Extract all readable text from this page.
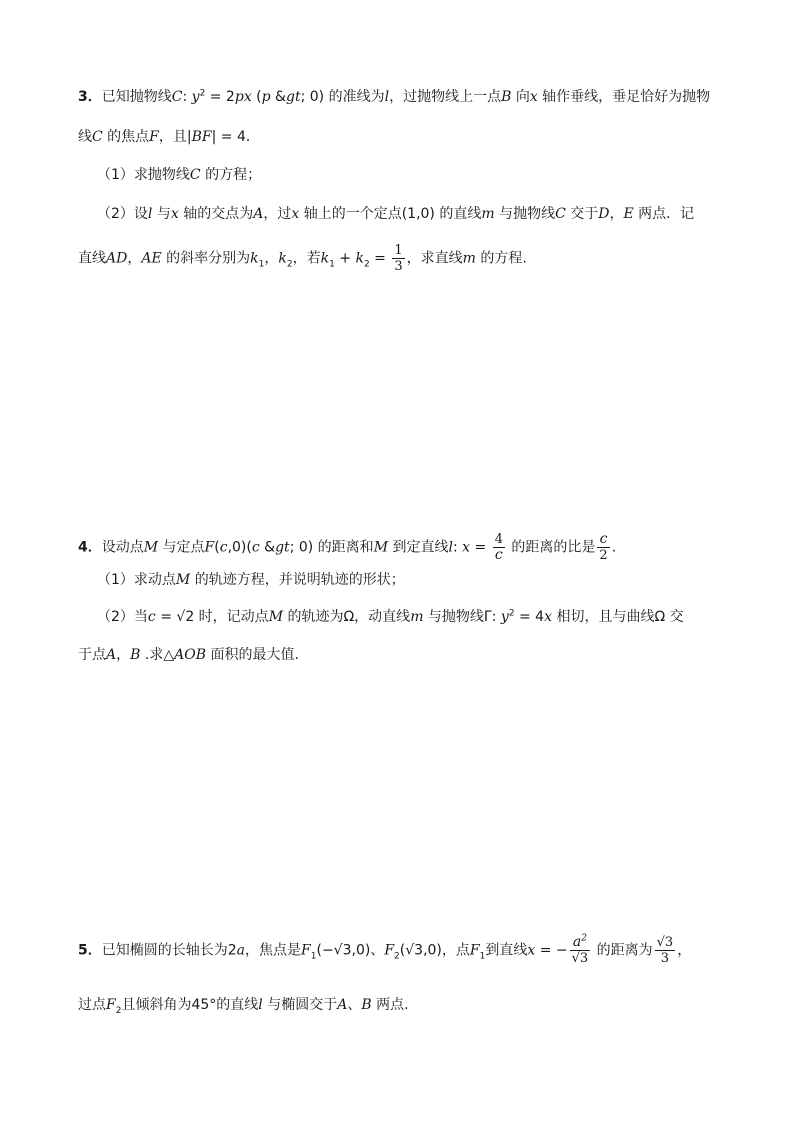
3．已知抛物线C: $y^2 = 2px$ (p &gt; 0) 的准线为l，过抛物线上一点B 向x 轴作垂线，垂足恰好为抛物
线C 的焦点F，且|BF| = 4．
（1）求抛物线C 的方程；
（2）设l 与x 轴的交点为A，过x 轴上的一个定点(1,0) 的直线m 与抛物线C 交于D，E 两点．记
直线AD，AE 的斜率分别为$k_1$，$k_2$，若$k_1 + k_2 = \frac{1}{3}$ ，求直线m 的方程.
4．设动点M 与定点F(c,0)(c &gt; 0) 的距离和M 到定直线l: $x = \frac{4}{c}$ 的距离的比是 $\frac{c}{2}$ .
（1）求动点M 的轨迹方程，并说明轨迹的形状；
（2）当c = √2 时，记动点M 的轨迹为Ω，动直线m 与抛物线Γ: $y^2 = 4x$ 相切，且与曲线Ω 交
于点A，B .求△AOB 面积的最大值.
5．已知椭圆的长轴长为2a，焦点是$F_1(-√3,0)$、$F_2(√3,0)$，点$F_1$到直线x = − $\frac{a^2}{√3}$ 的距离为 $\frac{√3}{3}$ ，
过点$F_2$且倾斜角为45°的直线l 与椭圆交于A、B 两点.
